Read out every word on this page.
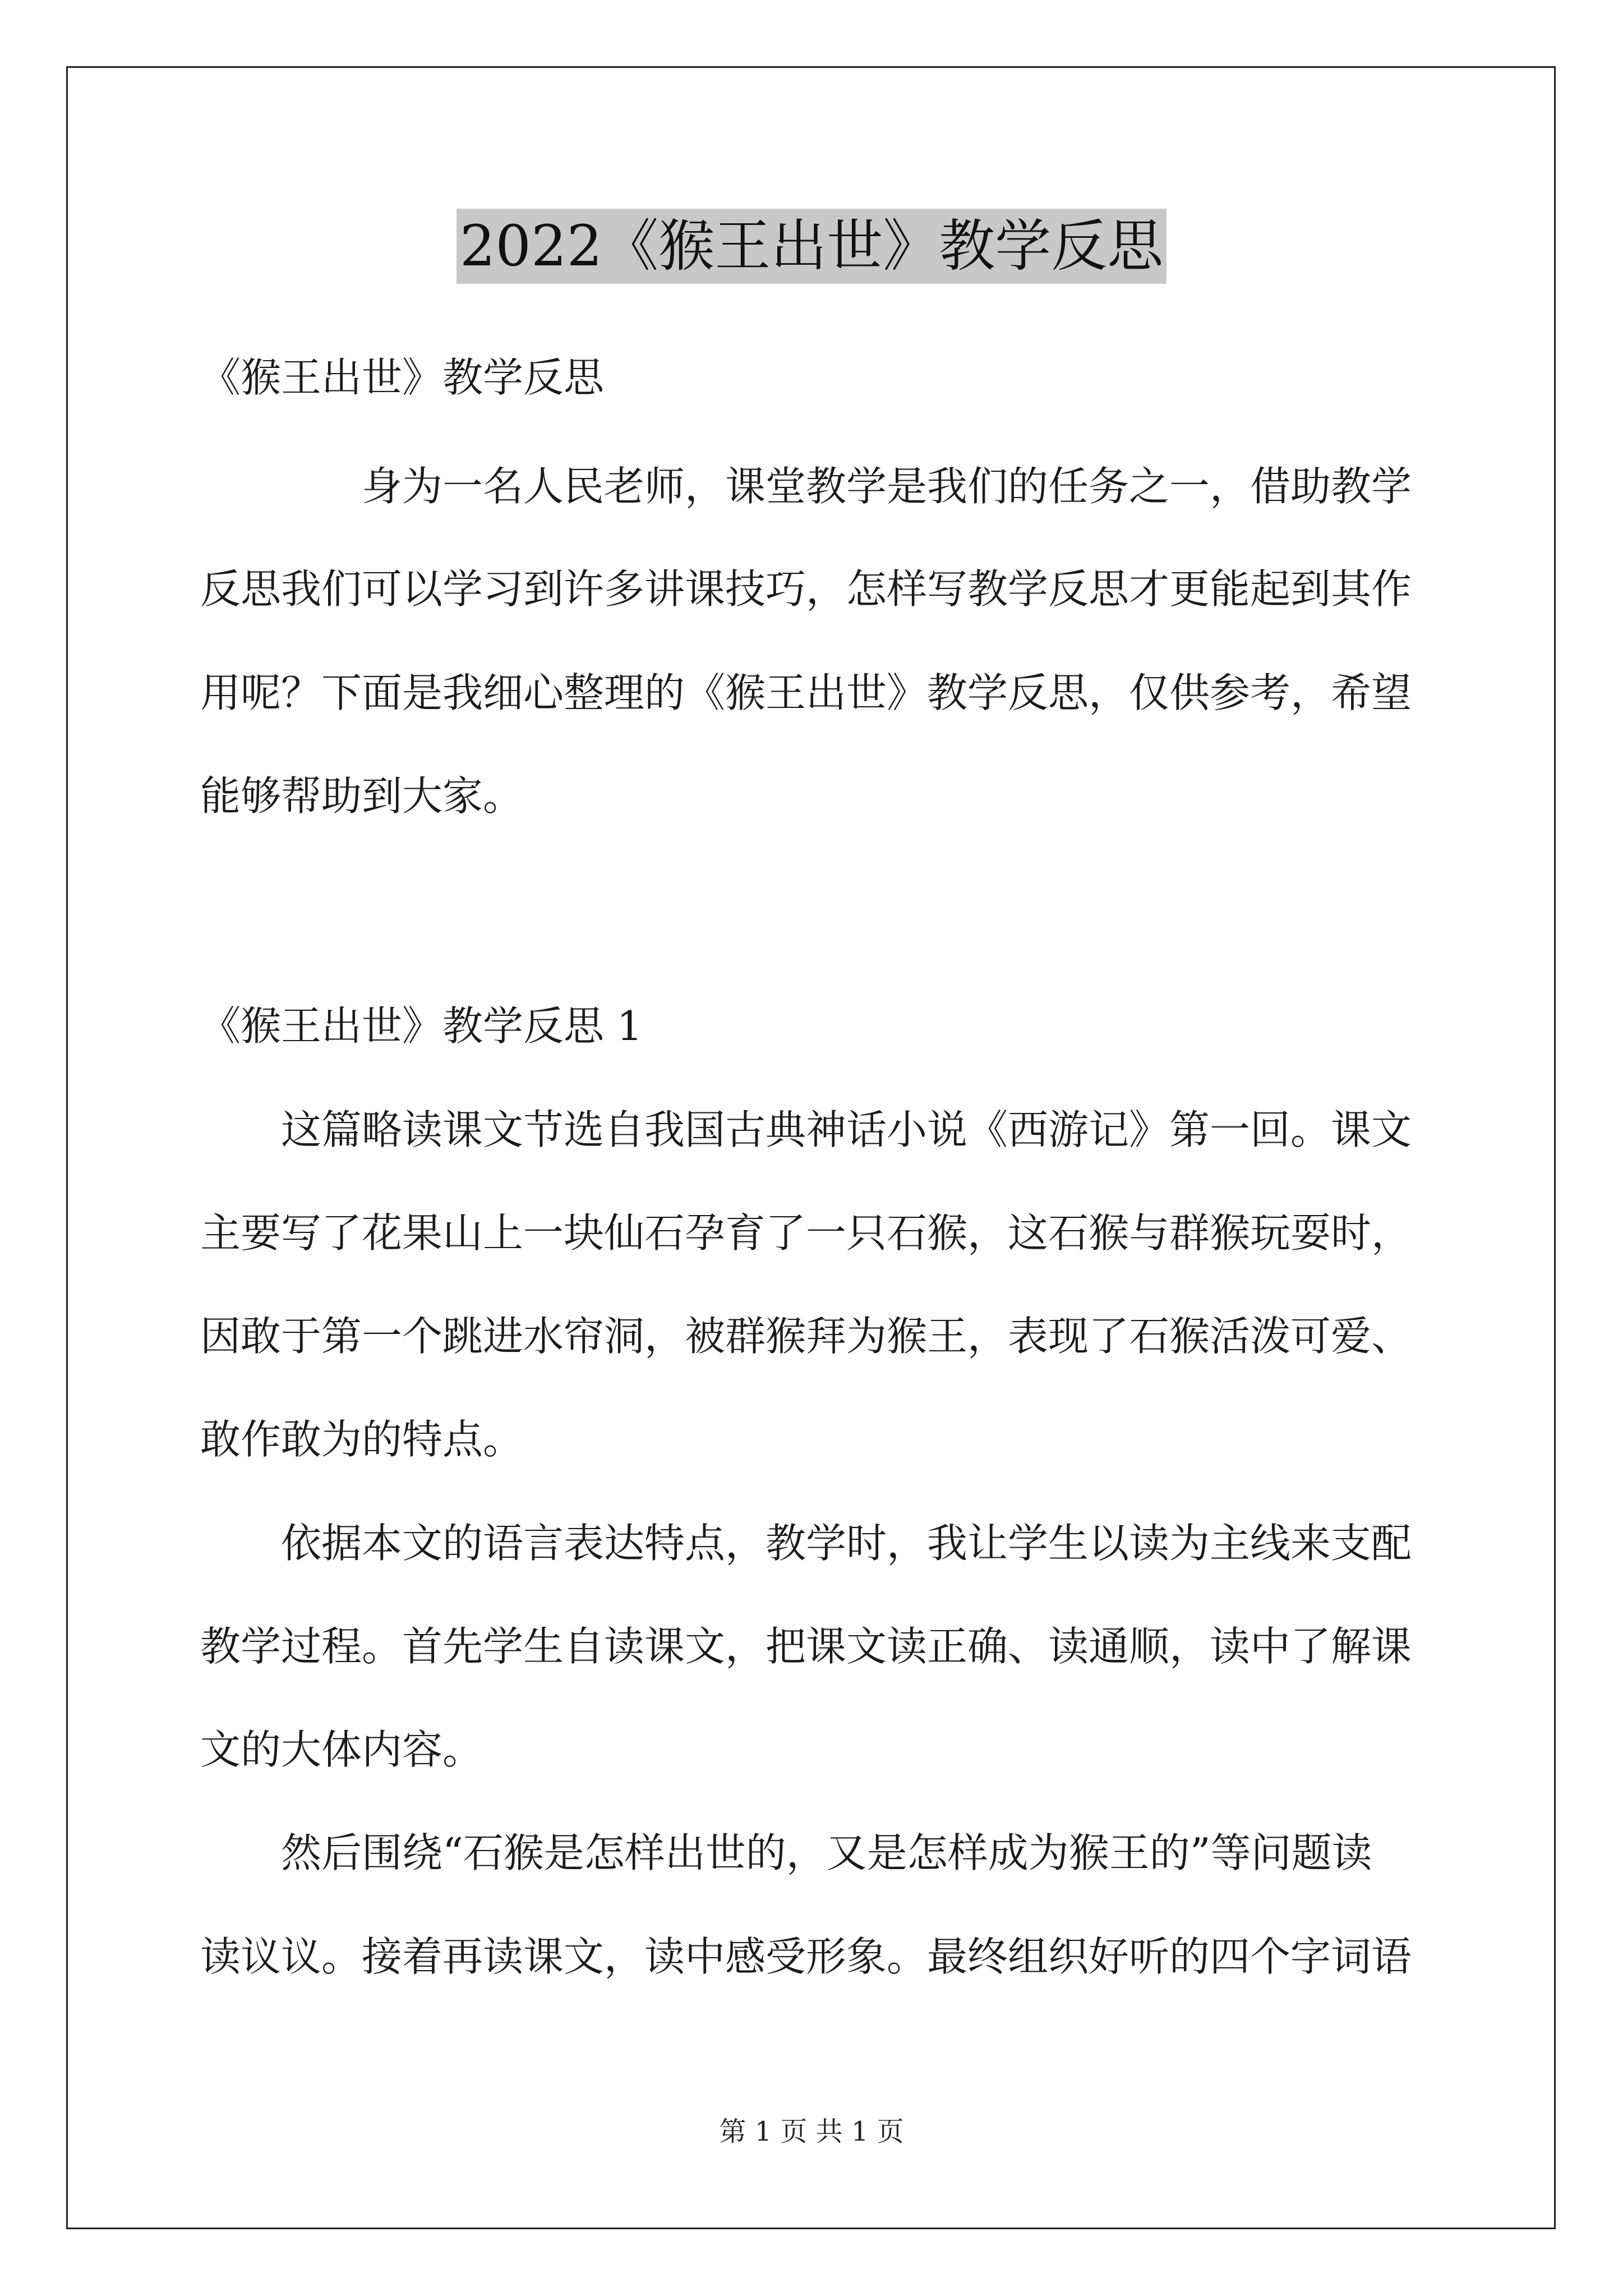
2022《猴王出世》教学反思
《猴王出世》教学反思
身为一名人民老师，课堂教学是我们的任务之一，借助教学
反思我们可以学习到许多讲课技巧，怎样写教学反思才更能起到其作
用呢？下面是我细心整理的《猴王出世》教学反思，仅供参考，希望
能够帮助到大家。
《猴王出世》教学反思 1
这篇略读课文节选自我国古典神话小说《西游记》第一回。课文
主要写了花果山上一块仙石孕育了一只石猴，这石猴与群猴玩耍时，
因敢于第一个跳进水帘洞，被群猴拜为猴王，表现了石猴活泼可爱、
敢作敢为的特点。
依据本文的语言表达特点，教学时，我让学生以读为主线来支配
教学过程。首先学生自读课文，把课文读正确、读通顺，读中了解课
文的大体内容。
然后围绕“石猴是怎样出世的，又是怎样成为猴王的”等问题读
读议议。接着再读课文，读中感受形象。最终组织好听的四个字词语
第 1 页 共 1 页
